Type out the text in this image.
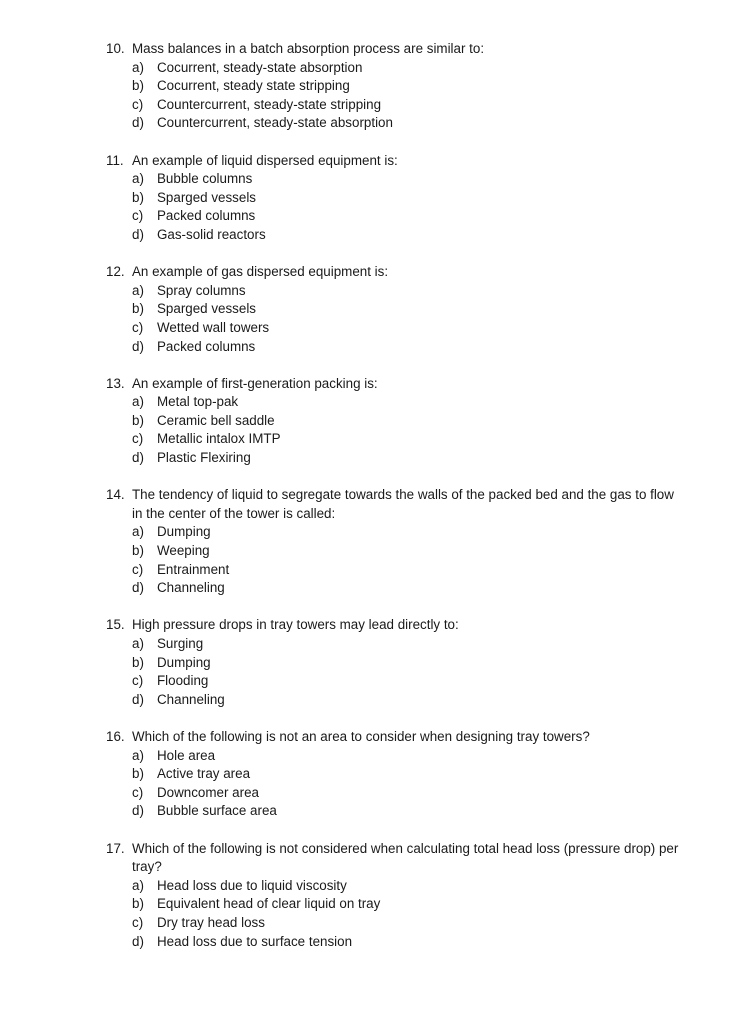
10. Mass balances in a batch absorption process are similar to:
a) Cocurrent, steady-state absorption
b) Cocurrent, steady state stripping
c)	Countercurrent, steady-state stripping
d) Countercurrent, steady-state absorption
11. An example of liquid dispersed equipment is:
a) Bubble columns
b) Sparged vessels
c)	Packed columns
d) Gas-solid reactors
12. An example of gas dispersed equipment is:
a) Spray columns
b) Sparged vessels
c)	Wetted wall towers
d) Packed columns
13. An example of first-generation packing is:
a) Metal top-pak
b) Ceramic bell saddle
c)	Metallic intalox IMTP
d) Plastic Flexiring
14. The tendency of liquid to segregate towards the walls of the packed bed and the gas to flow in the center of the tower is called:
a) Dumping
b) Weeping
c)	Entrainment
d) Channeling
15. High pressure drops in tray towers may lead directly to:
a) Surging
b) Dumping
c)	Flooding
d) Channeling
16. Which of the following is not an area to consider when designing tray towers?
a) Hole area
b) Active tray area
c)	Downcomer area
d) Bubble surface area
17. Which of the following is not considered when calculating total head loss (pressure drop) per tray?
a) Head loss due to liquid viscosity
b) Equivalent head of clear liquid on tray
c)	Dry tray head loss
d) Head loss due to surface tension
